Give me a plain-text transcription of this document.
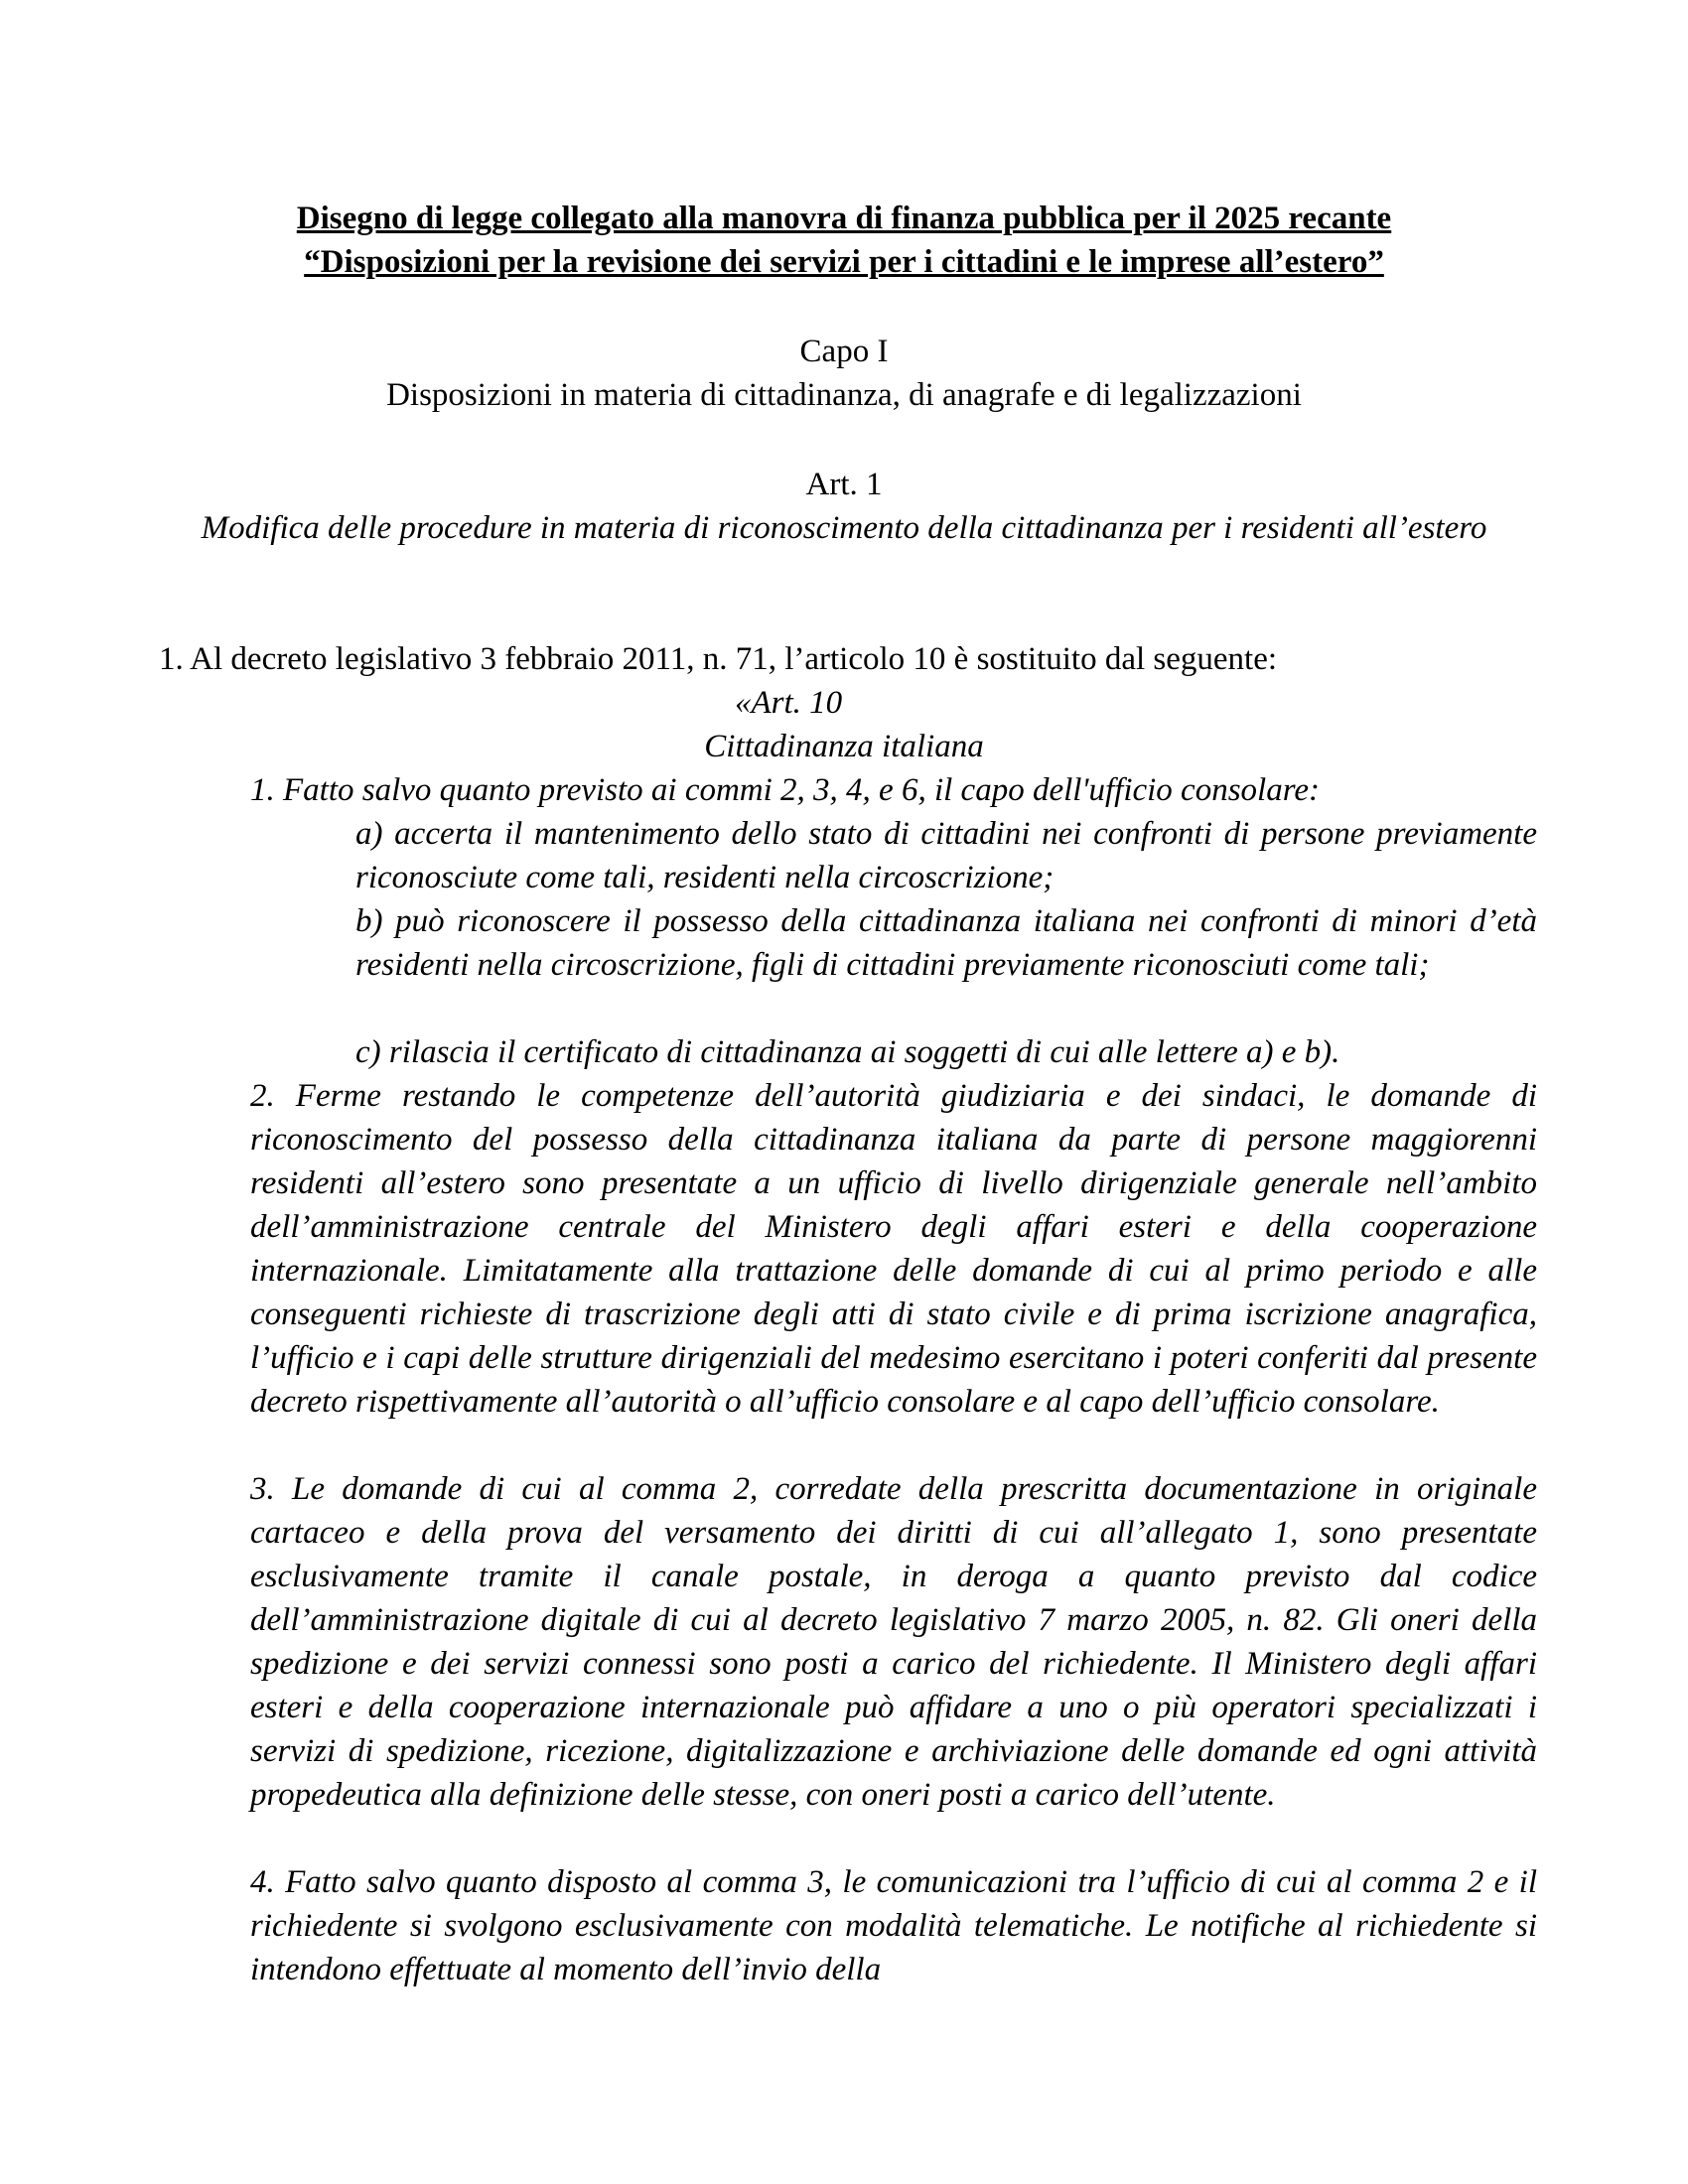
Disegno di legge collegato alla manovra di finanza pubblica per il 2025 recante
“Disposizioni per la revisione dei servizi per i cittadini e le imprese all’estero”
Capo I
Disposizioni in materia di cittadinanza, di anagrafe e di legalizzazioni
Art. 1
Modifica delle procedure in materia di riconoscimento della cittadinanza per i residenti all’estero
1. Al decreto legislativo 3 febbraio 2011, n. 71, l’articolo 10 è sostituito dal seguente:
«Art. 10
Cittadinanza italiana
1. Fatto salvo quanto previsto ai commi 2, 3, 4, e 6, il capo dell'ufficio consolare:
a) accerta il mantenimento dello stato di cittadini nei confronti di persone previamente riconosciute come tali, residenti nella circoscrizione;
b) può riconoscere il possesso della cittadinanza italiana nei confronti di minori d’età residenti nella circoscrizione, figli di cittadini previamente riconosciuti come tali;
c) rilascia il certificato di cittadinanza ai soggetti di cui alle lettere a) e b).
2. Ferme restando le competenze dell’autorità giudiziaria e dei sindaci, le domande di riconoscimento del possesso della cittadinanza italiana da parte di persone maggiorenni residenti all’estero sono presentate a un ufficio di livello dirigenziale generale nell’ambito dell’amministrazione centrale del Ministero degli affari esteri e della cooperazione internazionale. Limitatamente alla trattazione delle domande di cui al primo periodo e alle conseguenti richieste di trascrizione degli atti di stato civile e di prima iscrizione anagrafica, l’ufficio e i capi delle strutture dirigenziali del medesimo esercitano i poteri conferiti dal presente decreto rispettivamente all’autorità o all’ufficio consolare e al capo dell’ufficio consolare.
3. Le domande di cui al comma 2, corredate della prescritta documentazione in originale cartaceo e della prova del versamento dei diritti di cui all’allegato 1, sono presentate esclusivamente tramite il canale postale, in deroga a quanto previsto dal codice dell’amministrazione digitale di cui al decreto legislativo 7 marzo 2005, n. 82. Gli oneri della spedizione e dei servizi connessi sono posti a carico del richiedente. Il Ministero degli affari esteri e della cooperazione internazionale può affidare a uno o più operatori specializzati i servizi di spedizione, ricezione, digitalizzazione e archiviazione delle domande ed ogni attività propedeutica alla definizione delle stesse, con oneri posti a carico dell’utente.
4. Fatto salvo quanto disposto al comma 3, le comunicazioni tra l’ufficio di cui al comma 2 e il richiedente si svolgono esclusivamente con modalità telematiche. Le notifiche al richiedente si intendono effettuate al momento dell’invio della
